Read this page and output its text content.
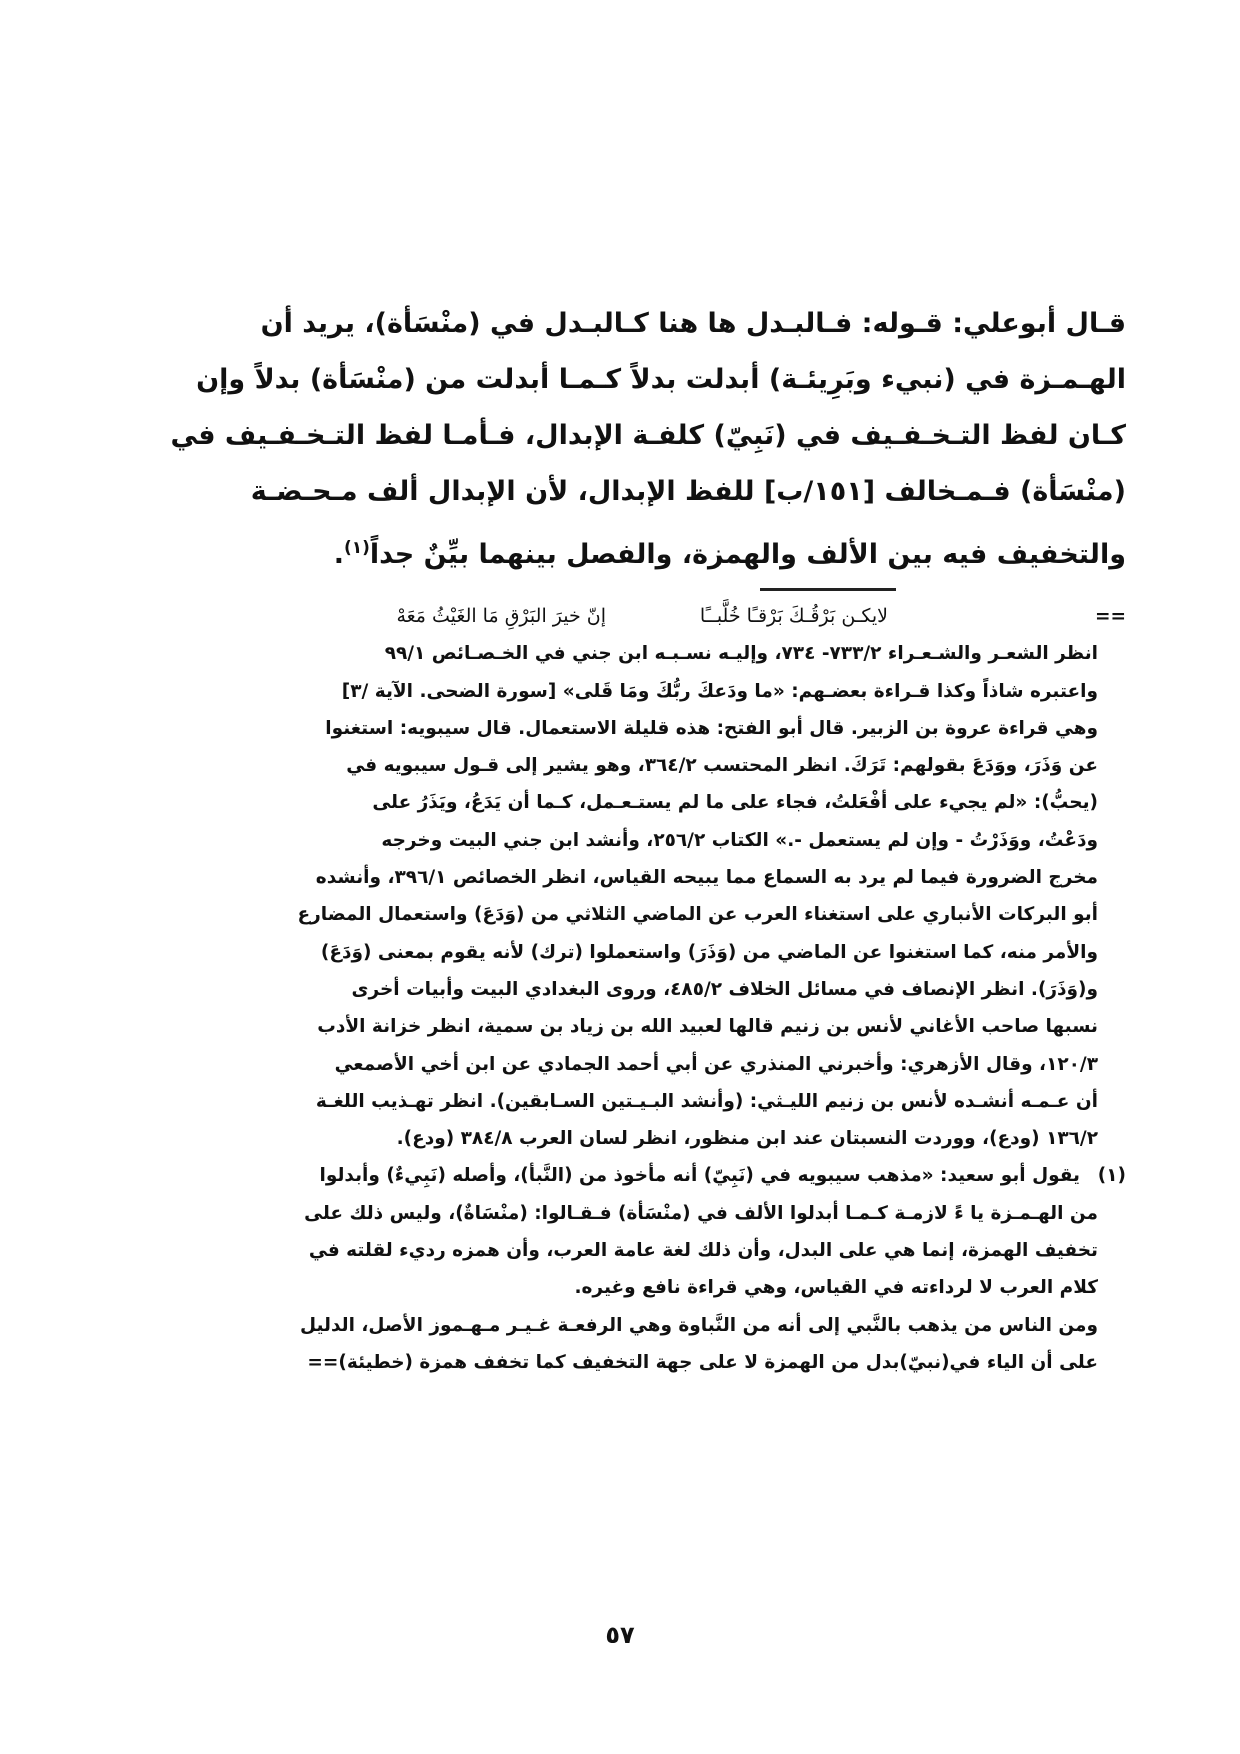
قـال أبوعلي: قـوله: فـالبـدل ها هنا كـالبـدل في (منْسَأة)، يريد أن

الهـمـزة في (نبيء وبَرِيئـة) أبدلت بدلاً كـمـا أبدلت من (منْسَأة) بدلاً وإن

كـان لفظ التـخـفـيف في (نَبِيّ) كلفـة الإبدال، فـأمـا لفظ التـخـفـيف في

(منْسَأة) فـمـخالف [١٥١/ب] للفظ الإبدال، لأن الإبدال ألف مـحـضـة

والتخفيف فيه بين الألف والهمزة، والفصل بينهما بيِّنٌ جداً$^{(١)}$.

==
لايكـن بَرْقُـكَ بَرْقـًا خُلَّبــًا
إنّ خيرَ البَرْقِ مَا الغَيْثُ مَعَهْ
انظر الشعـر والشـعـراء ٧٣٣/٢- ٧٣٤، وإليـه نسـبـه ابن جني في الخـصـائص ٩٩/١
واعتبره شاذاً وكذا قـراءة بعضـهم: «ما ودَعكَ ربُّكَ ومَا قَلى» [سورة الضحى. الآية /٣]
وهي قراءة عروة بن الزبير. قال أبو الفتح: هذه قليلة الاستعمال. قال سيبويه: استغنوا
عن وَذَرَ، ووَدَعَ بقولهم: تَرَكَ. انظر المحتسب ٣٦٤/٢، وهو يشير إلى قـول سيبويه في
(يحبُّ): «لم يجيء على أفْعَلتُ، فجاء على ما لم يستـعـمل، كـما أن يَدَعُ، ويَذَرُ على
ودَعْتُ، ووَذَرْتُ - وإن لم يستعمل -.» الكتاب ٢٥٦/٢، وأنشد ابن جني البيت وخرجه
مخرج الضرورة فيما لم يرد به السماع مما يبيحه القياس، انظر الخصائص ٣٩٦/١، وأنشده
أبو البركات الأنباري على استغناء العرب عن الماضي الثلاثي من (وَدَعَ) واستعمال المضارع
والأمر منه، كما استغنوا عن الماضي من (وَذَرَ) واستعملوا (ترك) لأنه يقوم بمعنى (وَدَعَ)
و(وَذَرَ). انظر الإنصاف في مسائل الخلاف ٤٨٥/٢، وروى البغدادي البيت وأبيات أخرى
نسبها صاحب الأغاني لأنس بن زنيم قالها لعبيد الله بن زياد بن سمية، انظر خزانة الأدب
١٢٠/٣، وقال الأزهري: وأخبرني المنذري عن أبي أحمد الجمادي عن ابن أخي الأصمعي
أن عـمـه أنشـده لأنس بن زنيم الليـثي: (وأنشد البـيـتين السـابقين). انظر تهـذيب اللغـة
١٣٦/٢ (ودع)، ووردت النسبتان عند ابن منظور، انظر لسان العرب ٣٨٤/٨ (ودع).
(١)
يقول أبو سعيد: «مذهب سيبويه في (نَبِيّ) أنه مأخوذ من (النَّبأ)، وأصله (نَبِيءٌ) وأبدلوا
من الهـمـزة يا ءً لازمـة كـمـا أبدلوا الألف في (منْسَأة) فـقـالوا: (منْسَاةٌ)، وليس ذلك على
تخفيف الهمزة، إنما هي على البدل، وأن ذلك لغة عامة العرب، وأن همزه رديء لقلته في
كلام العرب لا لرداءته في القياس، وهي قراءة نافع وغيره.
ومن الناس من يذهب بالنَّبي إلى أنه من النَّباوة وهي الرفعـة غـيـر مـهـموز الأصل، الدليل
على أن الياء في(نبيّ)بدل من الهمزة لا على جهة التخفيف كما تخفف همزة (خطيئة)==
٥٧
